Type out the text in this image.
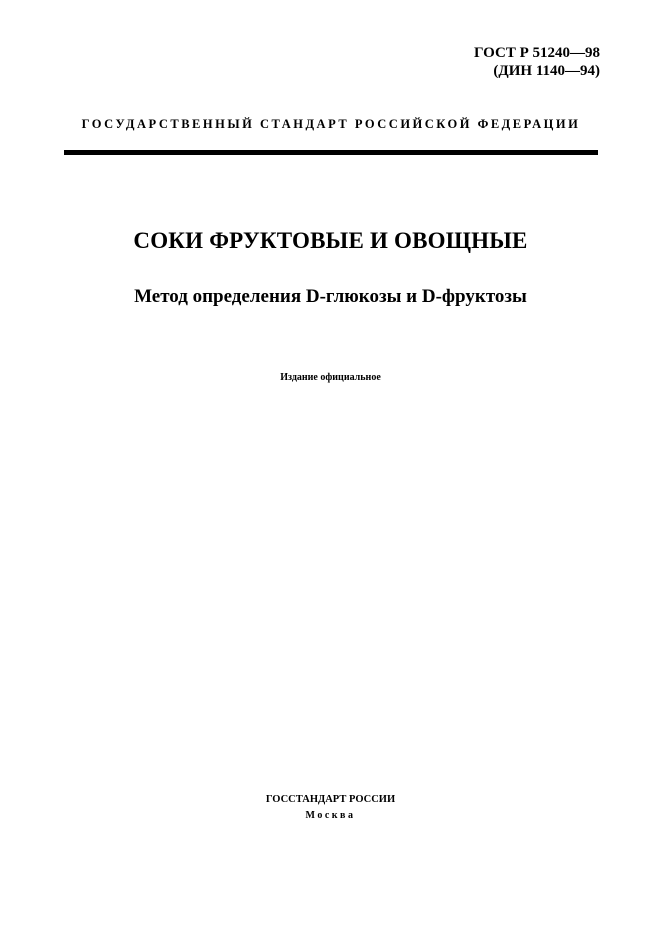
ГОСТ Р 51240—98
(ДИН 1140—94)
ГОСУДАРСТВЕННЫЙ СТАНДАРТ РОССИЙСКОЙ ФЕДЕРАЦИИ
СОКИ ФРУКТОВЫЕ И ОВОЩНЫЕ
Метод определения D-глюкозы и D-фруктозы
Издание официальное
ГОССТАНДАРТ РОССИИ
Москва
